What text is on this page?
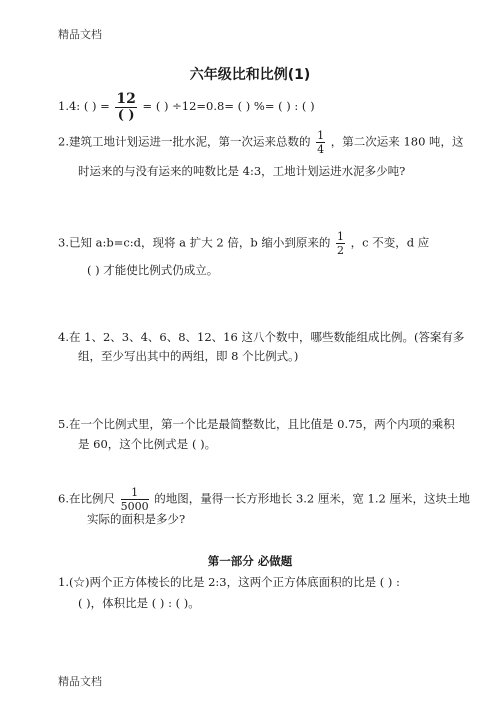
精品文档
六年级比和比例(1)
1.4: ( ) = $\frac{12}{( )}$ = ( ) ÷12=0.8= ( ) %= ( ) : ( )
2.建筑工地计划运进一批水泥，第一次运来总数的 $\frac{1}{4}$ ，第二次运来 180 吨，这
时运来的与没有运来的吨数比是 4:3，工地计划运进水泥多少吨?
3.已知 a:b=c:d，现将 a 扩大 2 倍，b 缩小到原来的 $\frac{1}{2}$ ，c 不变，d 应
( ) 才能使比例式仍成立。
4.在 1、2、3、4、6、8、12、16 这八个数中，哪些数能组成比例。(答案有多
组，至少写出其中的两组，即 8 个比例式。)
5.在一个比例式里，第一个比是最简整数比，且比值是 0.75，两个内项的乘积
是 60，这个比例式是 ( )。
6.在比例尺 $\frac{1}{5000}$ 的地图，量得一长方形地长 3.2 厘米，宽 1.2 厘米，这块土地
实际的面积是多少?
第一部分 必做题
1.(☆)两个正方体棱长的比是 2:3，这两个正方体底面积的比是 ( ) :
( )，体积比是 ( ) : ( )。
精品文档
